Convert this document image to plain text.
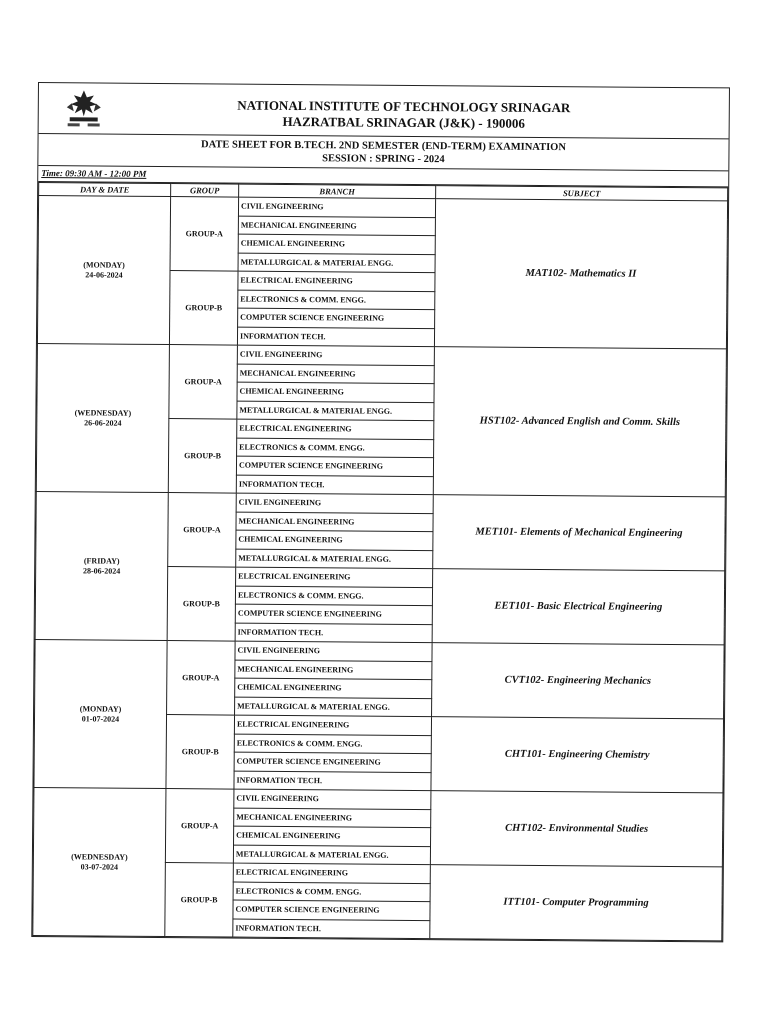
NATIONAL INSTITUTE OF TECHNOLOGY SRINAGAR
HAZRATBAL SRINAGAR (J&K) - 190006
DATE SHEET FOR B.TECH. 2ND SEMESTER (END-TERM) EXAMINATION
SESSION : SPRING - 2024
Time: 09:30 AM - 12:00 PM
DAY & DATE	GROUP	BRANCH	SUBJECT

(MONDAY)
24-06-2024	GROUP-A	CIVIL ENGINEERING	MAT102- Mathematics II
		MECHANICAL ENGINEERING	
		CHEMICAL ENGINEERING	
		METALLURGICAL & MATERIAL ENGG.	
	GROUP-B	ELECTRICAL ENGINEERING	
		ELECTRONICS & COMM. ENGG.	
		COMPUTER SCIENCE ENGINEERING	
		INFORMATION TECH.	

(WEDNESDAY)
26-06-2024	GROUP-A	CIVIL ENGINEERING	HST102- Advanced English and Comm. Skills
		MECHANICAL ENGINEERING	
		CHEMICAL ENGINEERING	
		METALLURGICAL & MATERIAL ENGG.	
	GROUP-B	ELECTRICAL ENGINEERING	
		ELECTRONICS & COMM. ENGG.	
		COMPUTER SCIENCE ENGINEERING	
		INFORMATION TECH.	

(FRIDAY)
28-06-2024	GROUP-A	CIVIL ENGINEERING	MET101- Elements of Mechanical Engineering
		MECHANICAL ENGINEERING	
		CHEMICAL ENGINEERING	
		METALLURGICAL & MATERIAL ENGG.	
	GROUP-B	ELECTRICAL ENGINEERING	EET101- Basic Electrical Engineering
		ELECTRONICS & COMM. ENGG.	
		COMPUTER SCIENCE ENGINEERING	
		INFORMATION TECH.	

(MONDAY)
01-07-2024	GROUP-A	CIVIL ENGINEERING	CVT102- Engineering Mechanics
		MECHANICAL ENGINEERING	
		CHEMICAL ENGINEERING	
		METALLURGICAL & MATERIAL ENGG.	
	GROUP-B	ELECTRICAL ENGINEERING	CHT101- Engineering Chemistry
		ELECTRONICS & COMM. ENGG.	
		COMPUTER SCIENCE ENGINEERING	
		INFORMATION TECH.	

(WEDNESDAY)
03-07-2024	GROUP-A	CIVIL ENGINEERING	CHT102- Environmental Studies
		MECHANICAL ENGINEERING	
		CHEMICAL ENGINEERING	
		METALLURGICAL & MATERIAL ENGG.	
	GROUP-B	ELECTRICAL ENGINEERING	ITT101- Computer Programming
		ELECTRONICS & COMM. ENGG.	
		COMPUTER SCIENCE ENGINEERING	
		INFORMATION TECH.	
